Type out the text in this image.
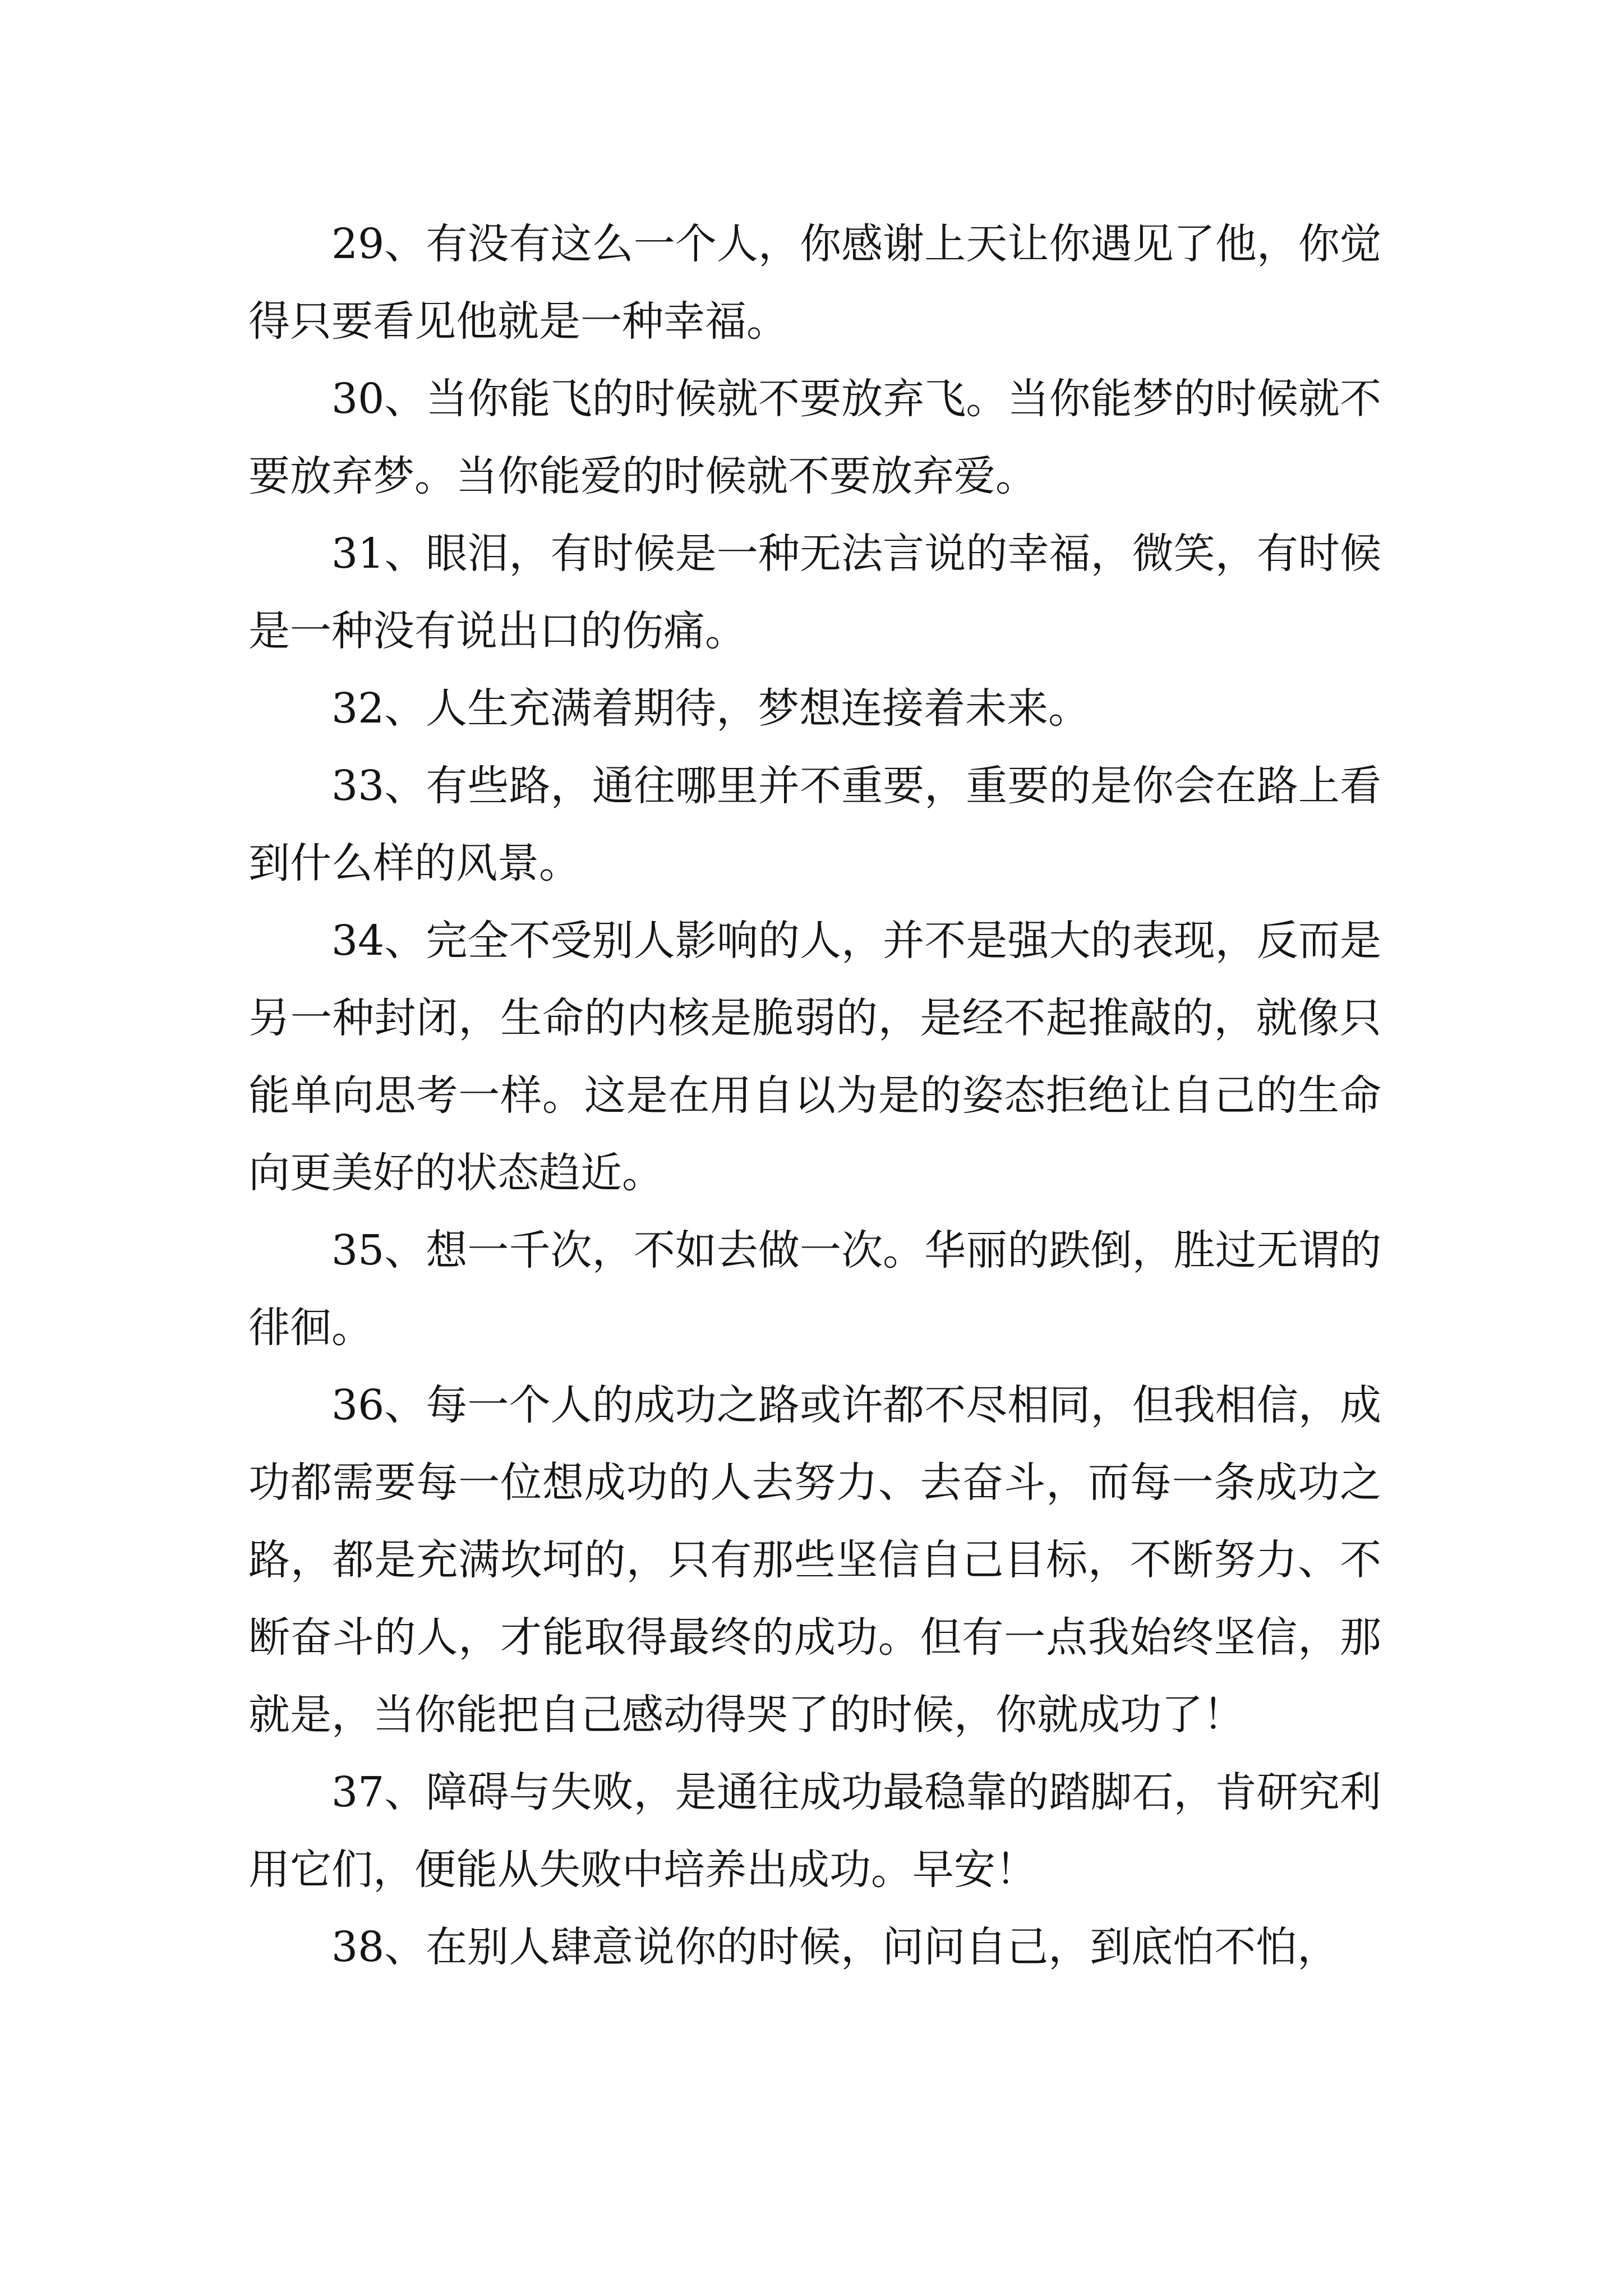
29、有没有这么一个人，你感谢上天让你遇见了他，你觉得只要看见他就是一种幸福。

30、当你能飞的时候就不要放弃飞。当你能梦的时候就不要放弃梦。当你能爱的时候就不要放弃爱。

31、眼泪，有时候是一种无法言说的幸福，微笑，有时候是一种没有说出口的伤痛。

32、人生充满着期待，梦想连接着未来。

33、有些路，通往哪里并不重要，重要的是你会在路上看到什么样的风景。

34、完全不受别人影响的人，并不是强大的表现，反而是另一种封闭，生命的内核是脆弱的，是经不起推敲的，就像只能单向思考一样。这是在用自以为是的姿态拒绝让自己的生命向更美好的状态趋近。

35、想一千次，不如去做一次。华丽的跌倒，胜过无谓的徘徊。

36、每一个人的成功之路或许都不尽相同，但我相信，成功都需要每一位想成功的人去努力、去奋斗，而每一条成功之路，都是充满坎坷的，只有那些坚信自己目标，不断努力、不断奋斗的人，才能取得最终的成功。但有一点我始终坚信，那就是，当你能把自己感动得哭了的时候，你就成功了！

37、障碍与失败，是通往成功最稳靠的踏脚石，肯研究利用它们，便能从失败中培养出成功。早安！

38、在别人肆意说你的时候，问问自己，到底怕不怕，
